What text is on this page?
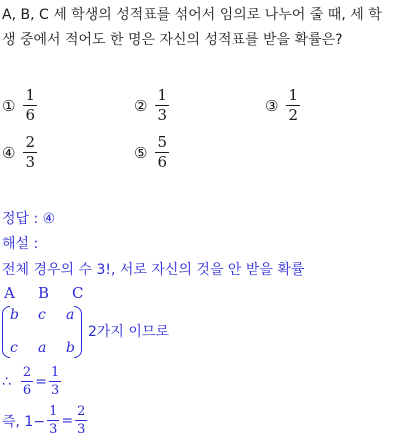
A, B, C 세 학생의 성적표를 섞어서 임의로 나누어 줄 때, 세 학
생 중에서 적어도 한 명은 자신의 성적표를 받을 확률은?
① $\frac{1}{6}$	② $\frac{1}{3}$	③ $\frac{1}{2}$
④ $\frac{2}{3}$	⑤ $\frac{5}{6}$
정답 : ④
해설 :
전체 경우의 수 3!, 서로 자신의 것을 안 받을 확률
A B C
b c a
c a b
2가지 이므로
∴ $\frac{2}{6} = \frac{1}{3}$
즉, $1- \frac{1}{3} = \frac{2}{3}$
